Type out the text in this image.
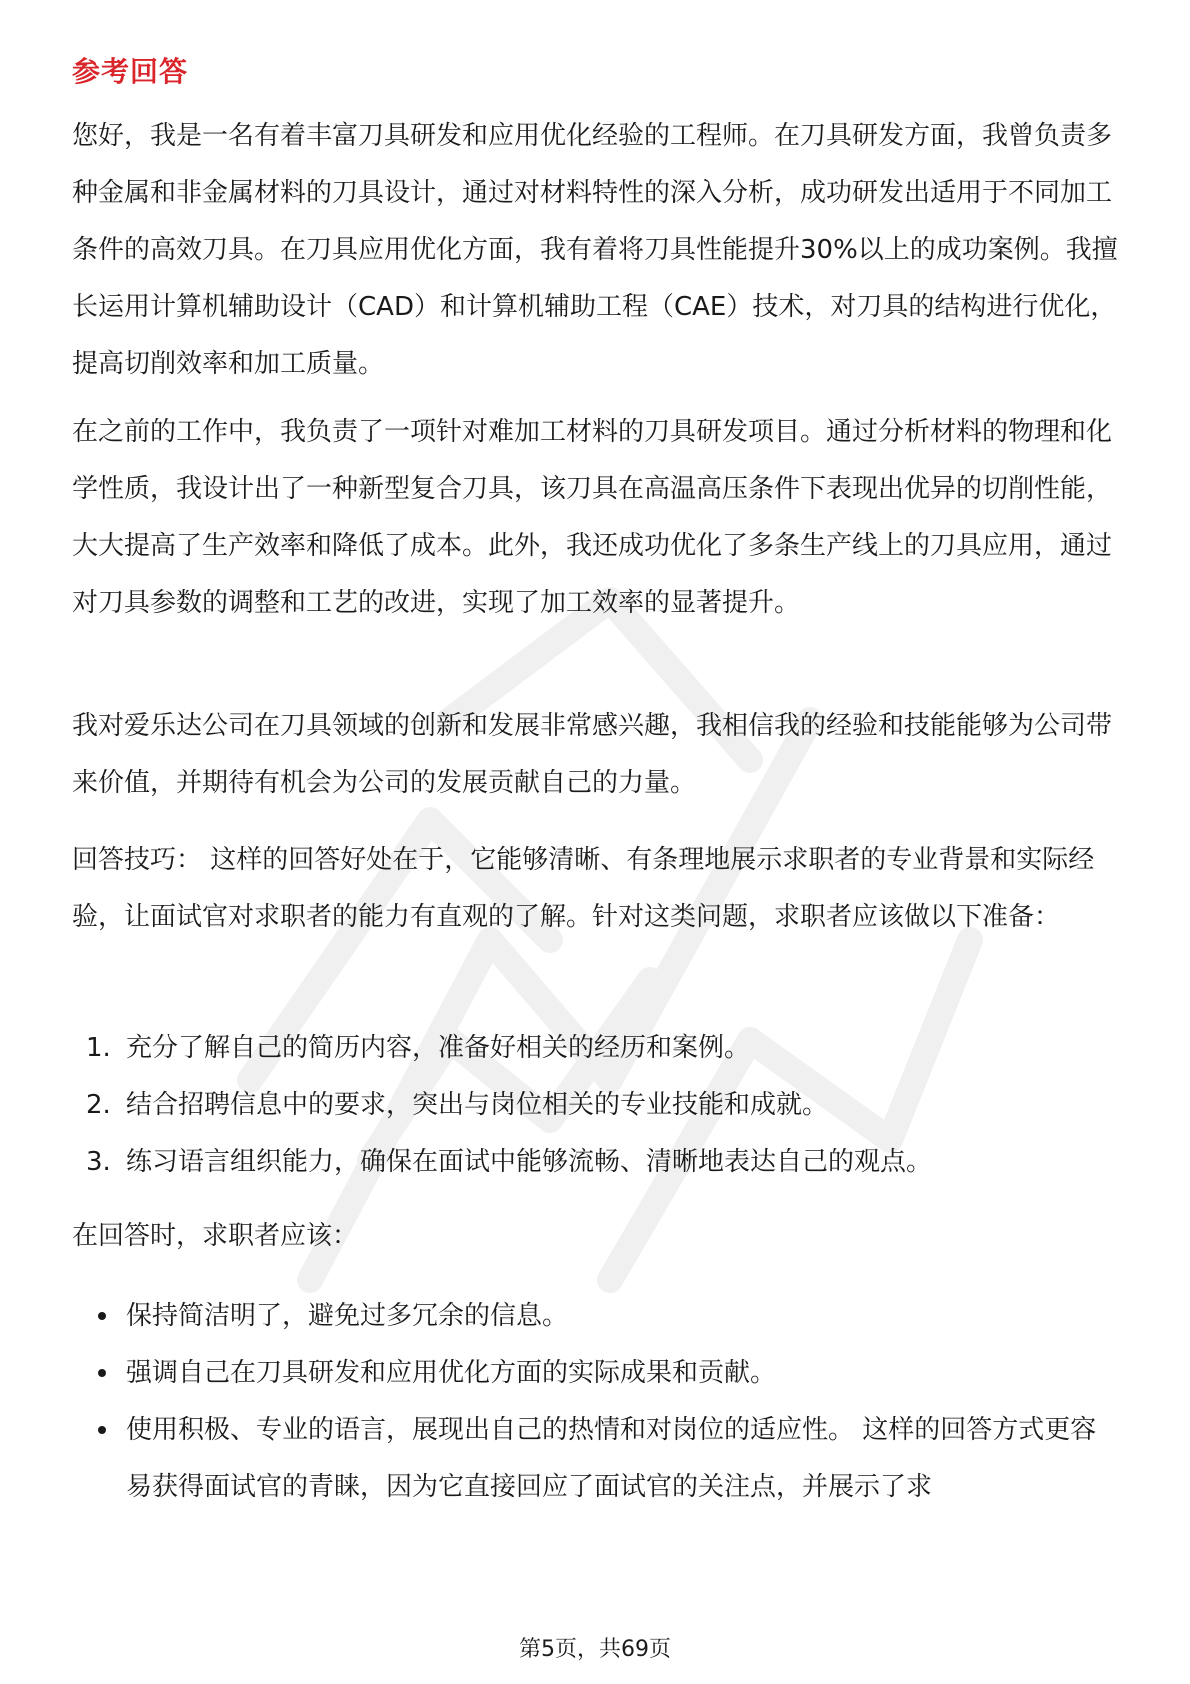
参考回答

您好，我是一名有着丰富刀具研发和应用优化经验的工程师。在刀具研发方面，我曾负责多种金属和非金属材料的刀具设计，通过对材料特性的深入分析，成功研发出适用于不同加工条件的高效刀具。在刀具应用优化方面，我有着将刀具性能提升30%以上的成功案例。我擅长运用计算机辅助设计（CAD）和计算机辅助工程（CAE）技术，对刀具的结构进行优化，提高切削效率和加工质量。

在之前的工作中，我负责了一项针对难加工材料的刀具研发项目。通过分析材料的物理和化学性质，我设计出了一种新型复合刀具，该刀具在高温高压条件下表现出优异的切削性能，大大提高了生产效率和降低了成本。此外，我还成功优化了多条生产线上的刀具应用，通过对刀具参数的调整和工艺的改进，实现了加工效率的显著提升。

我对爱乐达公司在刀具领域的创新和发展非常感兴趣，我相信我的经验和技能能够为公司带来价值，并期待有机会为公司的发展贡献自己的力量。

回答技巧： 这样的回答好处在于，它能够清晰、有条理地展示求职者的专业背景和实际经验，让面试官对求职者的能力有直观的了解。针对这类问题，求职者应该做以下准备：

1. 充分了解自己的简历内容，准备好相关的经历和案例。
2. 结合招聘信息中的要求，突出与岗位相关的专业技能和成就。
3. 练习语言组织能力，确保在面试中能够流畅、清晰地表达自己的观点。

在回答时，求职者应该：

保持简洁明了，避免过多冗余的信息。
强调自己在刀具研发和应用优化方面的实际成果和贡献。
使用积极、专业的语言，展现出自己的热情和对岗位的适应性。 这样的回答方式更容易获得面试官的青睐，因为它直接回应了面试官的关注点，并展示了求
第5页，共69页
